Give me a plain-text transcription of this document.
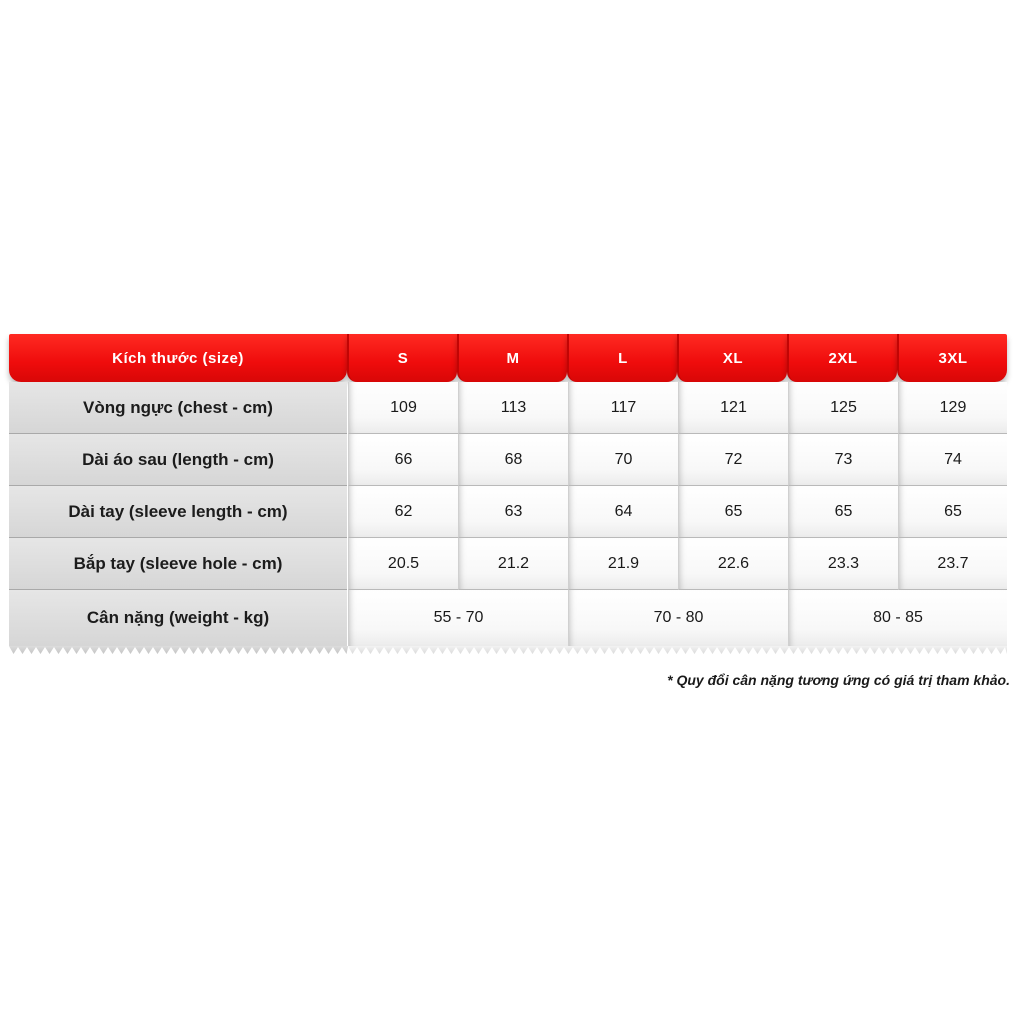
Kích thước (size)	S	M	L	XL	2XL	3XL
Vòng ngực (chest - cm)	109	113	117	121	125	129
Dài áo sau (length - cm)	66	68	70	72	73	74
Dài tay (sleeve length - cm)	62	63	64	65	65	65
Bắp tay (sleeve hole - cm)	20.5	21.2	21.9	22.6	23.3	23.7
Cân nặng (weight - kg)	55 - 70	70 - 80	80 - 85
* Quy đổi cân nặng tương ứng có giá trị tham khảo.
